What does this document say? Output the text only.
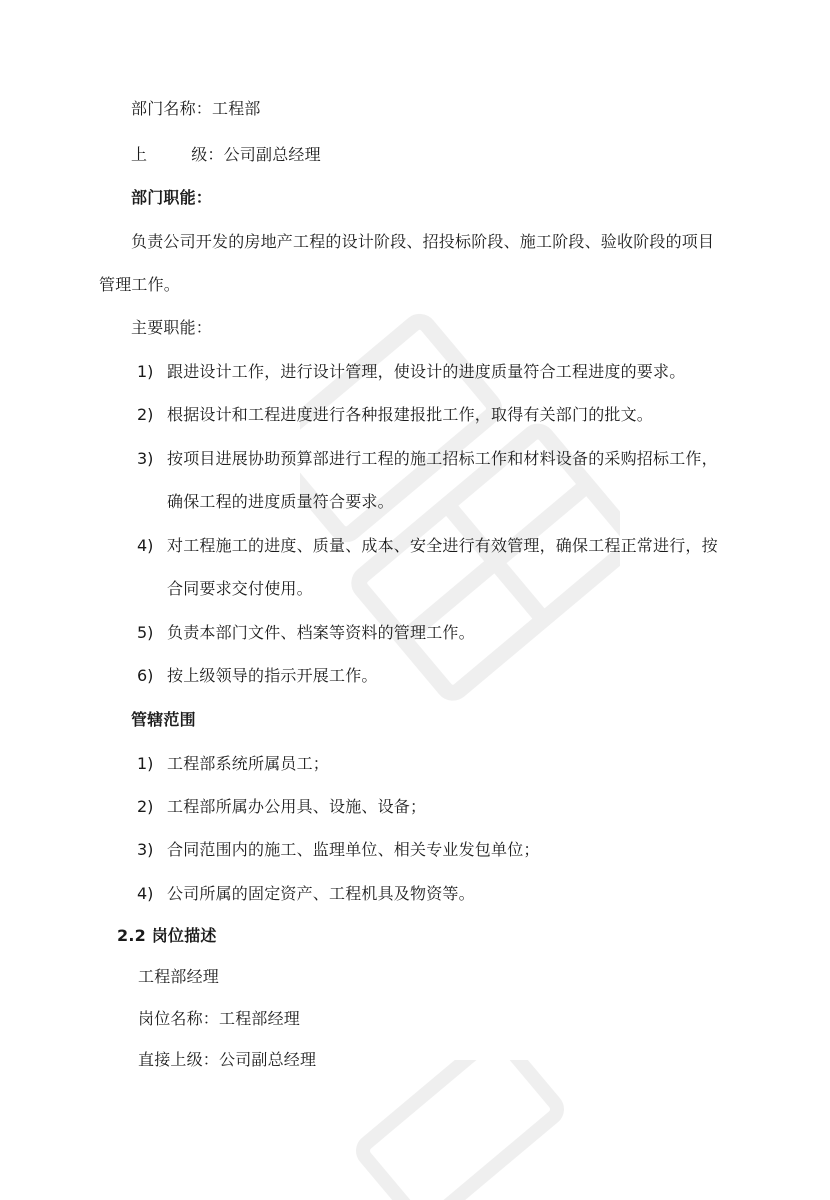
部门名称：工程部
上	级：公司副总经理
部门职能：
负责公司开发的房地产工程的设计阶段、招投标阶段、施工阶段、验收阶段的项目
管理工作。
主要职能：
1) 跟进设计工作，进行设计管理，使设计的进度质量符合工程进度的要求。
2) 根据设计和工程进度进行各种报建报批工作，取得有关部门的批文。
3) 按项目进展协助预算部进行工程的施工招标工作和材料设备的采购招标工作，
确保工程的进度质量符合要求。
4) 对工程施工的进度、质量、成本、安全进行有效管理，确保工程正常进行，按
合同要求交付使用。
5) 负责本部门文件、档案等资料的管理工作。
6) 按上级领导的指示开展工作。
管辖范围
1) 工程部系统所属员工；
2) 工程部所属办公用具、设施、设备；
3) 合同范围内的施工、监理单位、相关专业发包单位；
4) 公司所属的固定资产、工程机具及物资等。
2.2 岗位描述
工程部经理
岗位名称：工程部经理
直接上级：公司副总经理
